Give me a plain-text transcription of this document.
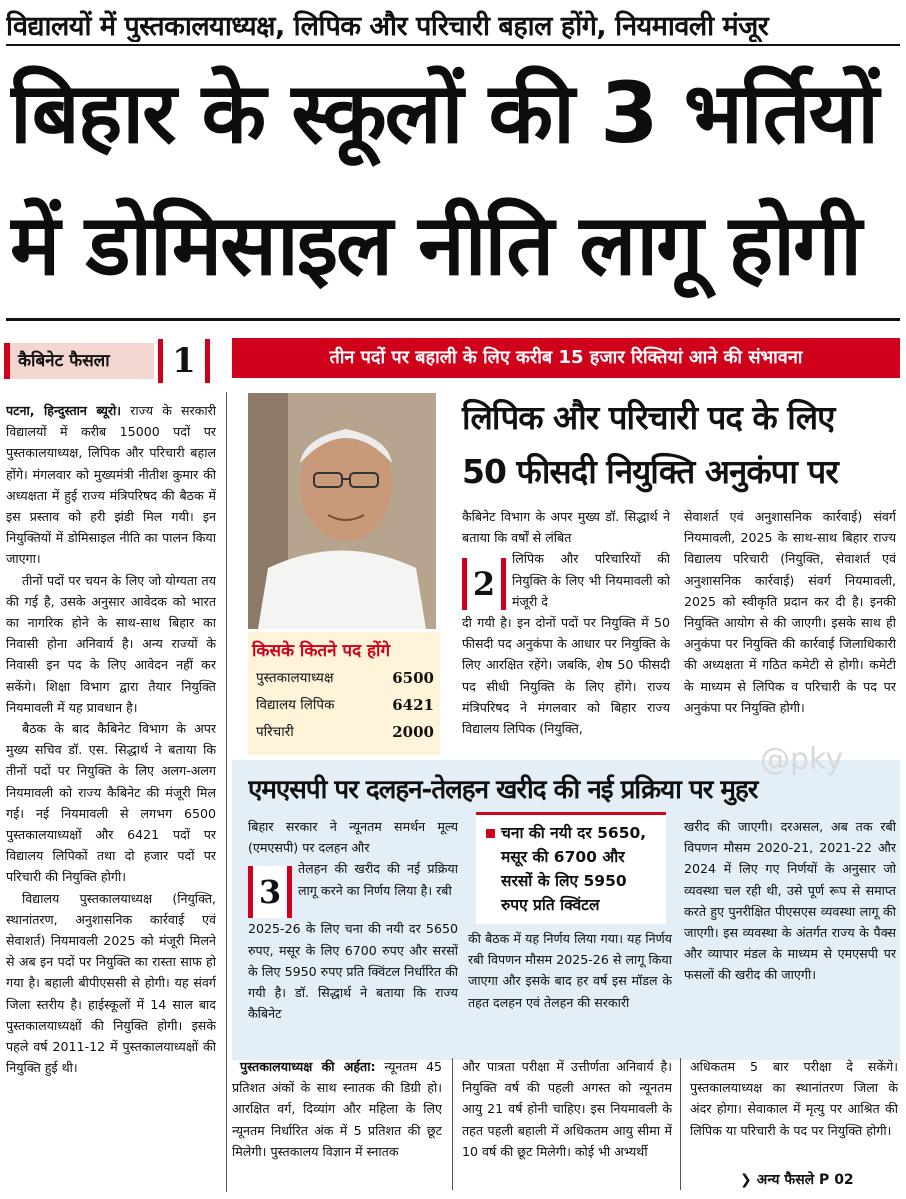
विद्यालयों में पुस्तकालयाध्यक्ष, लिपिक और परिचारी बहाल होंगे, नियमावली मंजूर
बिहार के स्कूलों की 3 भर्तियों
में डोमिसाइल नीति लागू होगी
कैबिनेट फैसला	1	तीन पदों पर बहाली के लिए करीब 15 हजार रिक्तियां आने की संभावना

पटना, हिन्दुस्तान ब्यूरो। राज्य के सरकारी विद्यालयों में करीब 15000 पदों पर पुस्तकालयाध्यक्ष, लिपिक और परिचारी बहाल होंगे। मंगलवार को मुख्यमंत्री नीतीश कुमार की अध्यक्षता में हुई राज्य मंत्रिपरिषद की बैठक में इस प्रस्ताव को हरी झंडी मिल गयी। इन नियुक्तियों में डोमिसाइल नीति का पालन किया जाएगा।

तीनों पदों पर चयन के लिए जो योग्यता तय की गई है, उसके अनुसार आवेदक को भारत का नागरिक होने के साथ-साथ बिहार का निवासी होना अनिवार्य है। अन्य राज्यों के निवासी इन पद के लिए आवेदन नहीं कर सकेंगे। शिक्षा विभाग द्वारा तैयार नियुक्ति नियमावली में यह प्रावधान है।

बैठक के बाद कैबिनेट विभाग के अपर मुख्य सचिव डॉ. एस. सिद्धार्थ ने बताया कि तीनों पदों पर नियुक्ति के लिए अलग-अलग नियमावली को राज्य कैबिनेट की मंजूरी मिल गई। नई नियमावली से लगभग 6500 पुस्तकालयाध्यक्षों और 6421 पदों पर विद्यालय लिपिकों तथा दो हजार पदों पर परिचारी की नियुक्ति होगी।

विद्यालय पुस्तकालयाध्यक्ष (नियुक्ति, स्थानांतरण, अनुशासनिक कार्रवाई एवं सेवाशर्त) नियमावली 2025 को मंजूरी मिलने से अब इन पदों पर नियुक्ति का रास्ता साफ हो गया है। बहाली बीपीएससी से होगी। यह संवर्ग जिला स्तरीय है। हाईस्कूलों में 14 साल बाद पुस्तकालयाध्यक्षों की नियुक्ति होगी। इसके पहले वर्ष 2011-12 में पुस्तकालयाध्यक्षों की नियुक्ति हुई थी।

लिपिक और परिचारी पद के लिए
50 फीसदी नियुक्ति अनुकंपा पर

कैबिनेट विभाग के अपर मुख्य डॉ. सिद्धार्थ ने बताया कि वर्षों से लंबित

2

लिपिक और परिचारियों की नियुक्ति के लिए भी नियमावली को मंजूरी दे

दी गयी है। इन दोनों पदों पर नियुक्ति में 50 फीसदी पद अनुकंपा के आधार पर नियुक्ति के लिए आरक्षित रहेंगे। जबकि, शेष 50 फीसदी पद सीधी नियुक्ति के लिए होंगे। राज्य मंत्रिपरिषद ने मंगलवार को बिहार राज्य विद्यालय लिपिक (नियुक्ति,

सेवाशर्त एवं अनुशासनिक कार्रवाई) संवर्ग नियमावली, 2025 के साथ-साथ बिहार राज्य विद्यालय परिचारी (नियुक्ति, सेवाशर्त एवं अनुशासनिक कार्रवाई) संवर्ग नियमावली, 2025 को स्वीकृति प्रदान कर दी है। इनकी नियुक्ति आयोग से की जाएगी। इसके साथ ही अनुकंपा पर नियुक्ति की कार्रवाई जिलाधिकारी की अध्यक्षता में गठित कमेटी से होगी। कमेटी के माध्यम से लिपिक व परिचारी के पद पर अनुकंपा पर नियुक्ति होगी।
किसके कितने पद होंगे
पुस्तकालयाध्यक्ष	6500
विद्यालय लिपिक	6421
परिचारी	2000
@pky
एमएसपी पर दलहन-तेलहन खरीद की नई प्रक्रिया पर मुहर

बिहार सरकार ने न्यूनतम समर्थन मूल्य (एमएसपी) पर दलहन और

3

तेलहन की खरीद की नई प्रक्रिया लागू करने का निर्णय लिया है। रबी

2025-26 के लिए चना की नयी दर 5650 रुपए, मसूर के लिए 6700 रुपए और सरसों के लिए 5950 रुपए प्रति क्विंटल निर्धारित की गयी है। डॉ. सिद्धार्थ ने बताया कि राज्य कैबिनेट

चना की नयी दर 5650,
मसूर की 6700 और
सरसों के लिए 5950
रुपए प्रति क्विंटल
की बैठक में यह निर्णय लिया गया। यह निर्णय रबी विपणन मौसम 2025-26 से लागू किया जाएगा और इसके बाद हर वर्ष इस मॉडल के तहत दलहन एवं तेलहन की सरकारी
खरीद की जाएगी। दरअसल, अब तक रबी विपणन मौसम 2020-21, 2021-22 और 2024 में लिए गए निर्णयों के अनुसार जो व्यवस्था चल रही थी, उसे पूर्ण रूप से समाप्त करते हुए पुनरीक्षित पीएसएस व्यवस्था लागू की जाएगी। इस व्यवस्था के अंतर्गत राज्य के पैक्स और व्यापार मंडल के माध्यम से एमएसपी पर फसलों की खरीद की जाएगी।

पुस्तकालयाध्यक्ष की अर्हता: न्यूनतम 45 प्रतिशत अंकों के साथ स्नातक की डिग्री हो। आरक्षित वर्ग, दिव्यांग और महिला के लिए न्यूनतम निर्धारित अंक में 5 प्रतिशत की छूट मिलेगी। पुस्तकालय विज्ञान में स्नातक

और पात्रता परीक्षा में उत्तीर्णता अनिवार्य है। नियुक्ति वर्ष की पहली अगस्त को न्यूनतम आयु 21 वर्ष होनी चाहिए। इस नियमावली के तहत पहली बहाली में अधिकतम आयु सीमा में 10 वर्ष की छूट मिलेगी। कोई भी अभ्यर्थी
अधिकतम 5 बार परीक्षा दे सकेंगे। पुस्तकालयाध्यक्ष का स्थानांतरण जिला के अंदर होगा। सेवाकाल में मृत्यु पर आश्रित की लिपिक या परिचारी के पद पर नियुक्ति होगी।
❯ अन्य फैसले P 02
